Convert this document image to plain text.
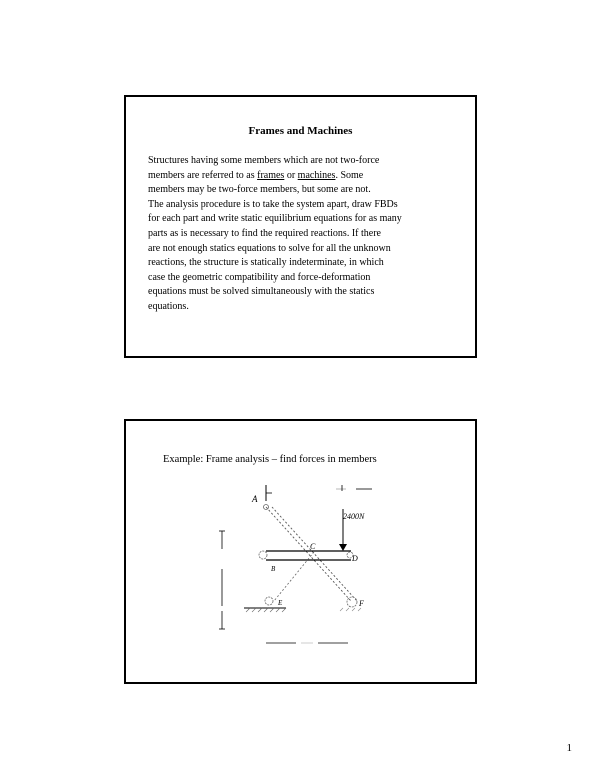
Frames and Machines
Structures having some members which are not two-force
members are referred to as frames or machines. Some
members may be two-force members, but some are not.
The analysis procedure is to take the system apart, draw FBDs
for each part and write static equilibrium equations for as many
parts as is necessary to find the required reactions. If there
are not enough statics equations to solve for all the unknown
reactions, the structure is statically indeterminate, in which
case the geometric compatibility and force-deformation
equations must be solved simultaneously with the statics
equations.
Example: Frame analysis – find forces in members
A
B
C
D
E	F
2400N
1
